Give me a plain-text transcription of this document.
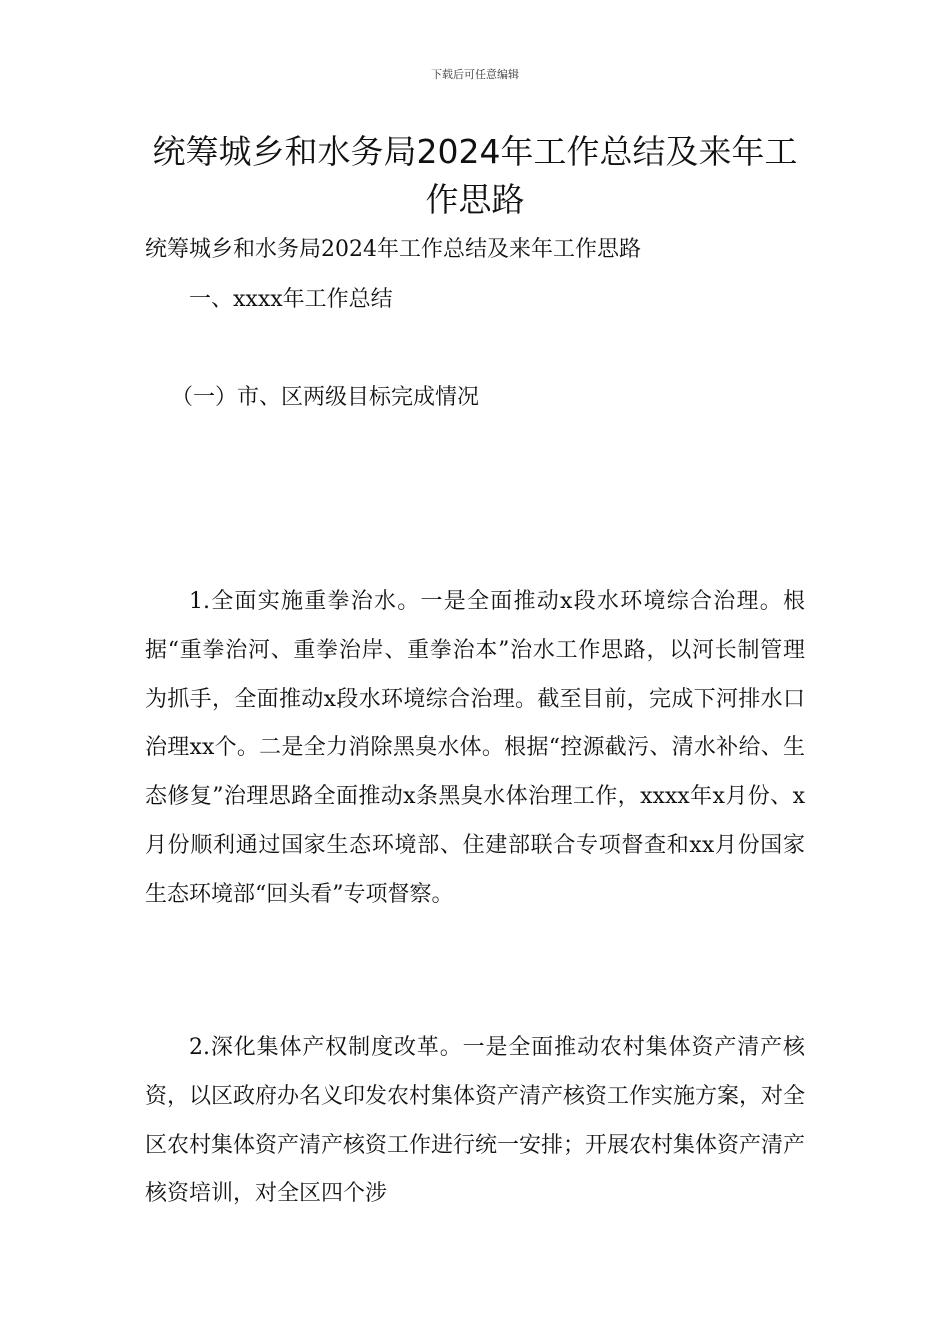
下载后可任意编辑
统筹城乡和水务局2024年工作总结及来年工作思路
统筹城乡和水务局2024年工作总结及来年工作思路
一、xxxx年工作总结
（一）市、区两级目标完成情况

1.全面实施重拳治水。一是全面推动x段水环境综合治理。根据“重拳治河、重拳治岸、重拳治本”治水工作思路，以河长制管理为抓手，全面推动x段水环境综合治理。截至目前，完成下河排水口治理xx个。二是全力消除黑臭水体。根据“控源截污、清水补给、生态修复”治理思路全面推动x条黑臭水体治理工作，xxxx年x月份、x月份顺利通过国家生态环境部、住建部联合专项督查和xx月份国家生态环境部“回头看”专项督察。

2.深化集体产权制度改革。一是全面推动农村集体资产清产核资，以区政府办名义印发农村集体资产清产核资工作实施方案，对全区农村集体资产清产核资工作进行统一安排；开展农村集体资产清产核资培训，对全区四个涉
